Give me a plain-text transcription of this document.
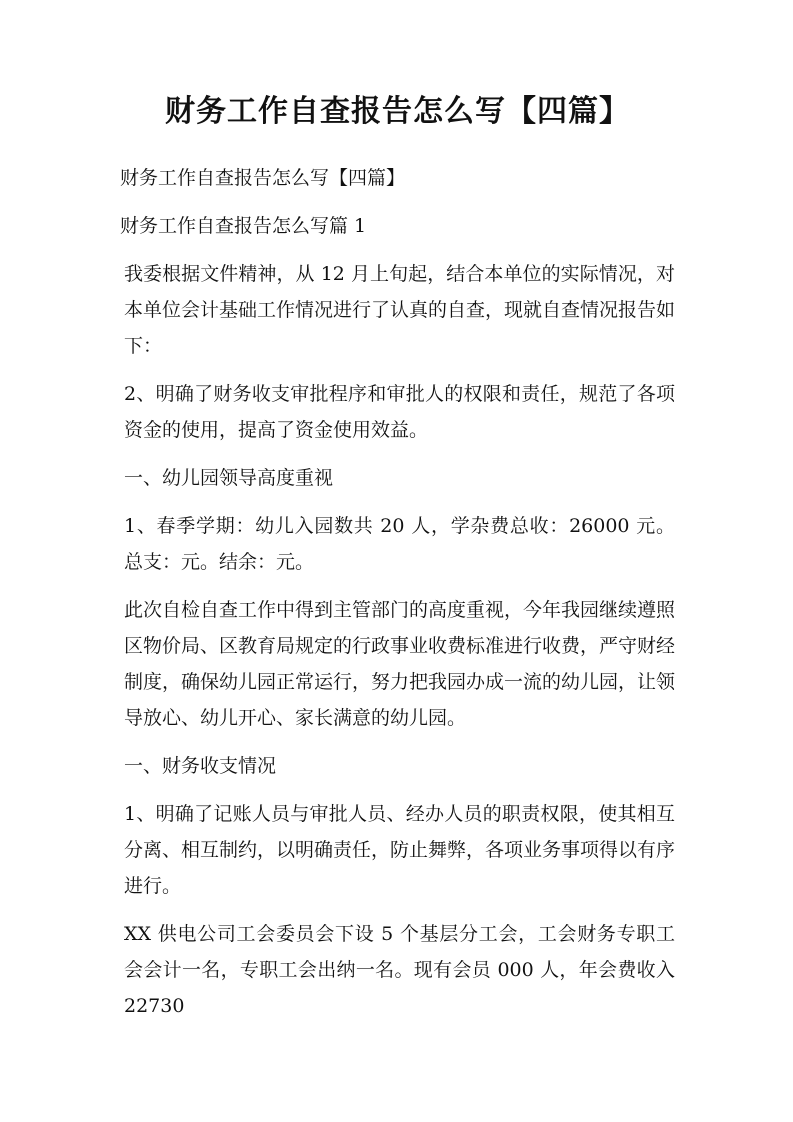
财务工作自查报告怎么写【四篇】

财务工作自查报告怎么写【四篇】

财务工作自查报告怎么写篇 1

我委根据文件精神，从 12 月上旬起，结合本单位的实际情况，对本单位会计基础工作情况进行了认真的自查，现就自查情况报告如下：

2、明确了财务收支审批程序和审批人的权限和责任，规范了各项资金的使用，提高了资金使用效益。

一、幼儿园领导高度重视

1、春季学期：幼儿入园数共 20 人，学杂费总收：26000 元。总支：元。结余：元。

此次自检自查工作中得到主管部门的高度重视，今年我园继续遵照区物价局、区教育局规定的行政事业收费标准进行收费，严守财经制度，确保幼儿园正常运行，努力把我园办成一流的幼儿园，让领导放心、幼儿开心、家长满意的幼儿园。

一、财务收支情况

1、明确了记账人员与审批人员、经办人员的职责权限，使其相互分离、相互制约，以明确责任，防止舞弊，各项业务事项得以有序进行。

XX 供电公司工会委员会下设 5 个基层分工会，工会财务专职工会会计一名，专职工会出纳一名。现有会员 000 人，年会费收入 22730
